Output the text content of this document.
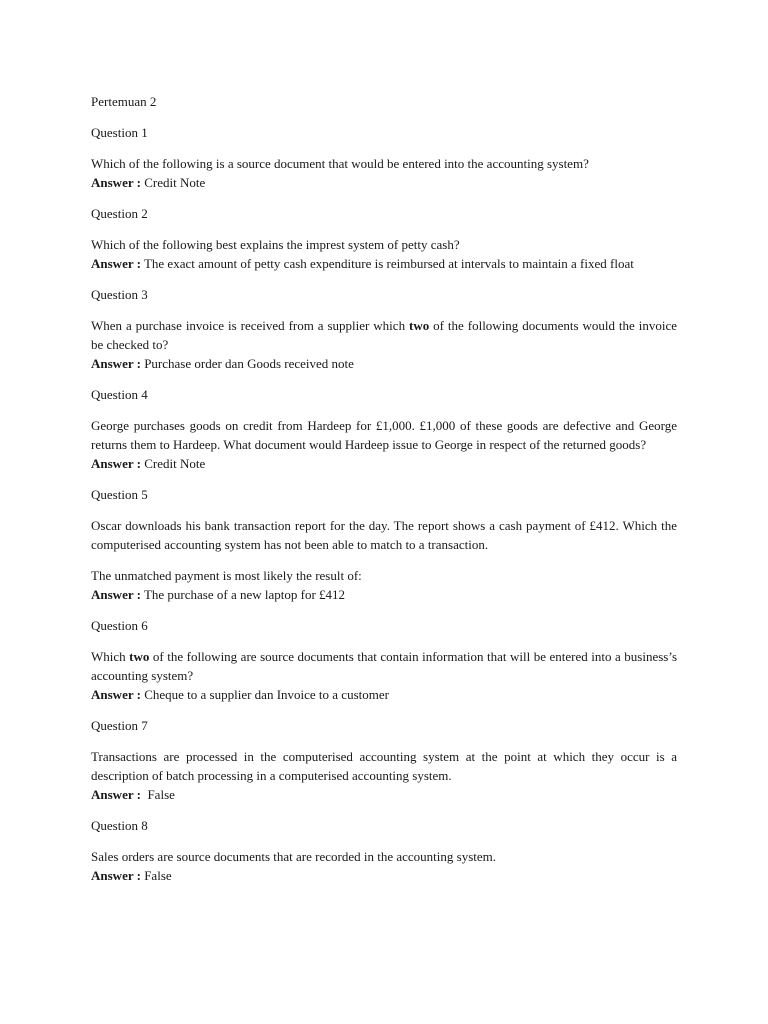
Pertemuan 2

Question 1

Which of the following is a source document that would be entered into the accounting system?

Answer : Credit Note

Question 2

Which of the following best explains the imprest system of petty cash?

Answer : The exact amount of petty cash expenditure is reimbursed at intervals to maintain a fixed float

Question 3

When a purchase invoice is received from a supplier which two of the following documents would the invoice be checked to?

Answer : Purchase order dan Goods received note

Question 4

George purchases goods on credit from Hardeep for £1,000. £1,000 of these goods are defective and George returns them to Hardeep. What document would Hardeep issue to George in respect of the returned goods?

Answer : Credit Note

Question 5

Oscar downloads his bank transaction report for the day. The report shows a cash payment of £412. Which the computerised accounting system has not been able to match to a transaction.

The unmatched payment is most likely the result of:

Answer : The purchase of a new laptop for £412

Question 6

Which two of the following are source documents that contain information that will be entered into a business’s accounting system?

Answer : Cheque to a supplier dan Invoice to a customer

Question 7

Transactions are processed in the computerised accounting system at the point at which they occur is a description of batch processing in a computerised accounting system.

Answer :  False

Question 8

Sales orders are source documents that are recorded in the accounting system.

Answer : False
